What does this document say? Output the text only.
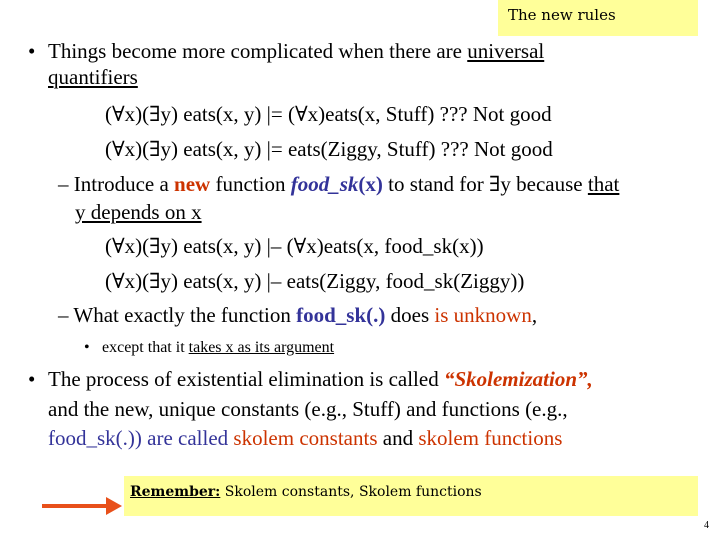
The new rules
• Things become more complicated when there are universal
quantifiers
(∀x)(∃y) eats(x, y) |= (∀x)eats(x, Stuff) ??? Not good
(∀x)(∃y) eats(x, y) |= eats(Ziggy, Stuff) ??? Not good
– Introduce a new function food_sk(x) to stand for ∃y because that
y depends on x
(∀x)(∃y) eats(x, y) |– (∀x)eats(x, food_sk(x))
(∀x)(∃y) eats(x, y) |– eats(Ziggy, food_sk(Ziggy))
– What exactly the function food_sk(.) does is unknown,
• except that it takes x as its argument
• The process of existential elimination is called “Skolemization”,
and the new, unique constants (e.g., Stuff) and functions (e.g.,
food_sk(.)) are called skolem constants and skolem functions
Remember: Skolem constants, Skolem functions
4
